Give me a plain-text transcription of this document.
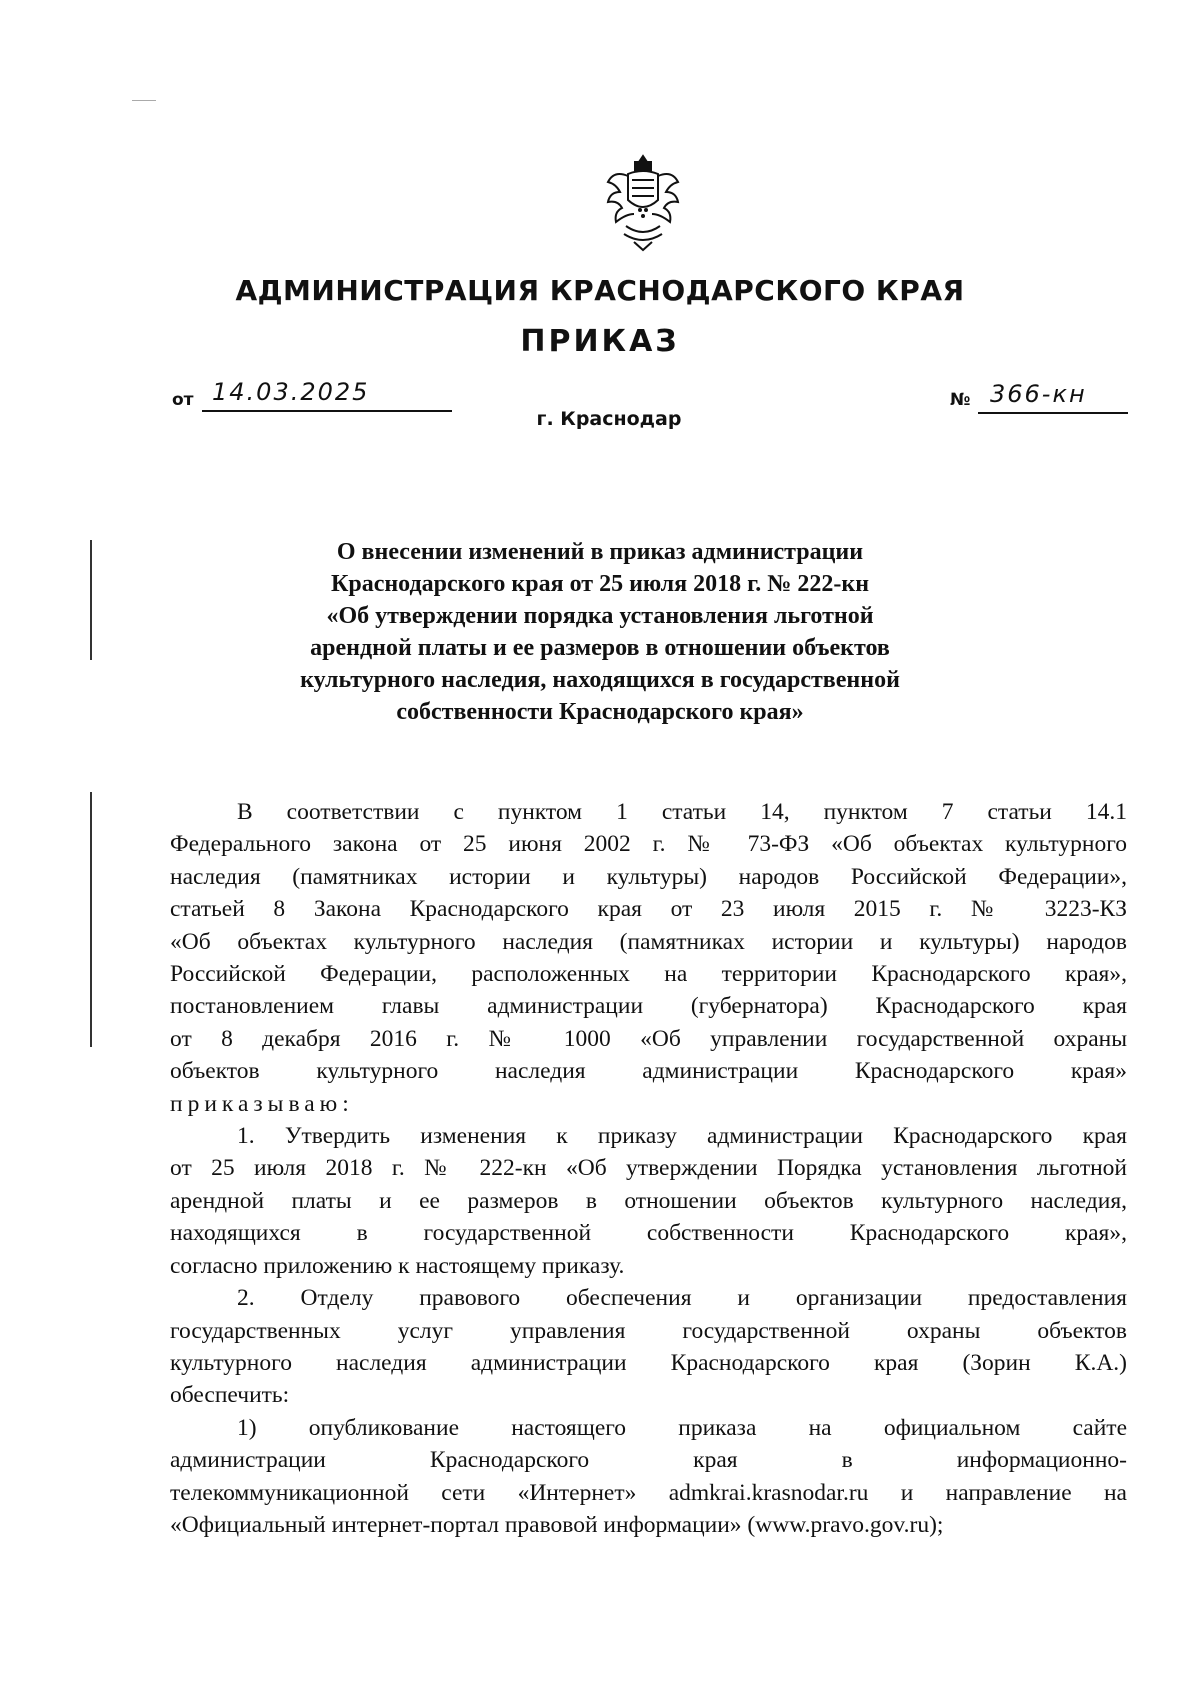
АДМИНИСТРАЦИЯ КРАСНОДАРСКОГО КРАЯ
ПРИКАЗ
от 14.03.2025	№ 366-кн
г. Краснодар
О внесении изменений в приказ администрации
Краснодарского края от 25 июля 2018 г. № 222-кн
«Об утверждении порядка установления льготной
арендной платы и ее размеров в отношении объектов
культурного наследия, находящихся в государственной
собственности Краснодарского края»
В соответствии с пунктом 1 статьи 14, пунктом 7 статьи 14.1
Федерального закона от 25 июня 2002 г. № 73-ФЗ «Об объектах культурного
наследия (памятниках истории и культуры) народов Российской Федерации»,
статьей 8 Закона Краснодарского края от 23 июля 2015 г. № 3223-КЗ
«Об объектах культурного наследия (памятниках истории и культуры) народов
Российской Федерации, расположенных на территории Краснодарского края»,
постановлением главы администрации (губернатора) Краснодарского края
от 8 декабря 2016 г. № 1000 «Об управлении государственной охраны
объектов культурного наследия администрации Краснодарского края»
приказываю:
1. Утвердить изменения к приказу администрации Краснодарского края
от 25 июля 2018 г. № 222-кн «Об утверждении Порядка установления льготной
арендной платы и ее размеров в отношении объектов культурного наследия,
находящихся в государственной собственности Краснодарского края»,
согласно приложению к настоящему приказу.
2. Отделу правового обеспечения и организации предоставления
государственных услуг управления государственной охраны объектов
культурного наследия администрации Краснодарского края (Зорин К.А.)
обеспечить:
1) опубликование настоящего приказа на официальном сайте
администрации Краснодарского края в информационно-
телекоммуникационной сети «Интернет» admkrai.krasnodar.ru и направление на
«Официальный интернет-портал правовой информации» (www.pravo.gov.ru);
